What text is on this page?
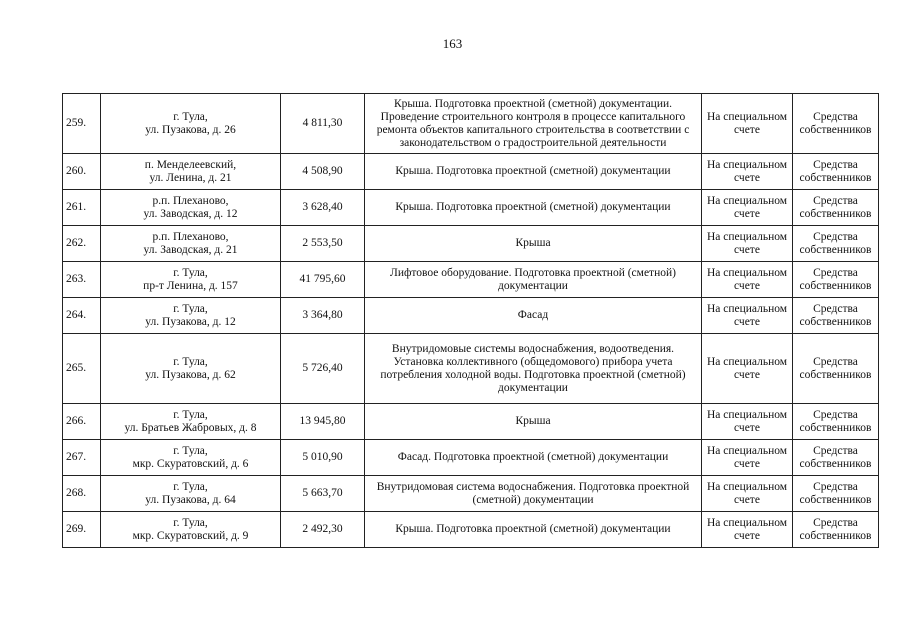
163
259.	г. Тула,
ул. Пузакова, д. 26	4 811,30	Крыша. Подготовка проектной (сметной) документации. Проведение строительного контроля в процессе капитального ремонта объектов капитального строительства в соответствии с законодательством о градостроительной деятельности	На специальном счете	Средства собственников
260.	п. Менделеевский,
ул. Ленина, д. 21	4 508,90	Крыша. Подготовка проектной (сметной) документации	На специальном счете	Средства собственников
261.	р.п. Плеханово,
ул. Заводская, д. 12	3 628,40	Крыша. Подготовка проектной (сметной) документации	На специальном счете	Средства собственников
262.	р.п. Плеханово,
ул. Заводская, д. 21	2 553,50	Крыша	На специальном счете	Средства собственников
263.	г. Тула,
пр-т Ленина, д. 157	41 795,60	Лифтовое оборудование. Подготовка проектной (сметной) документации	На специальном счете	Средства собственников
264.	г. Тула,
ул. Пузакова, д. 12	3 364,80	Фасад	На специальном счете	Средства собственников
265.	г. Тула,
ул. Пузакова, д. 62	5 726,40	Внутридомовые системы водоснабжения, водоотведения. Установка коллективного (общедомового) прибора учета потребления холодной воды. Подготовка проектной (сметной) документации	На специальном счете	Средства собственников
266.	г. Тула,
ул. Братьев Жабровых, д. 8	13 945,80	Крыша	На специальном счете	Средства собственников
267.	г. Тула,
мкр. Скуратовский, д. 6	5 010,90	Фасад. Подготовка проектной (сметной) документации	На специальном счете	Средства собственников
268.	г. Тула,
ул. Пузакова, д. 64	5 663,70	Внутридомовая система водоснабжения. Подготовка проектной (сметной) документации	На специальном счете	Средства собственников
269.	г. Тула,
мкр. Скуратовский, д. 9	2 492,30	Крыша. Подготовка проектной (сметной) документации	На специальном счете	Средства собственников
